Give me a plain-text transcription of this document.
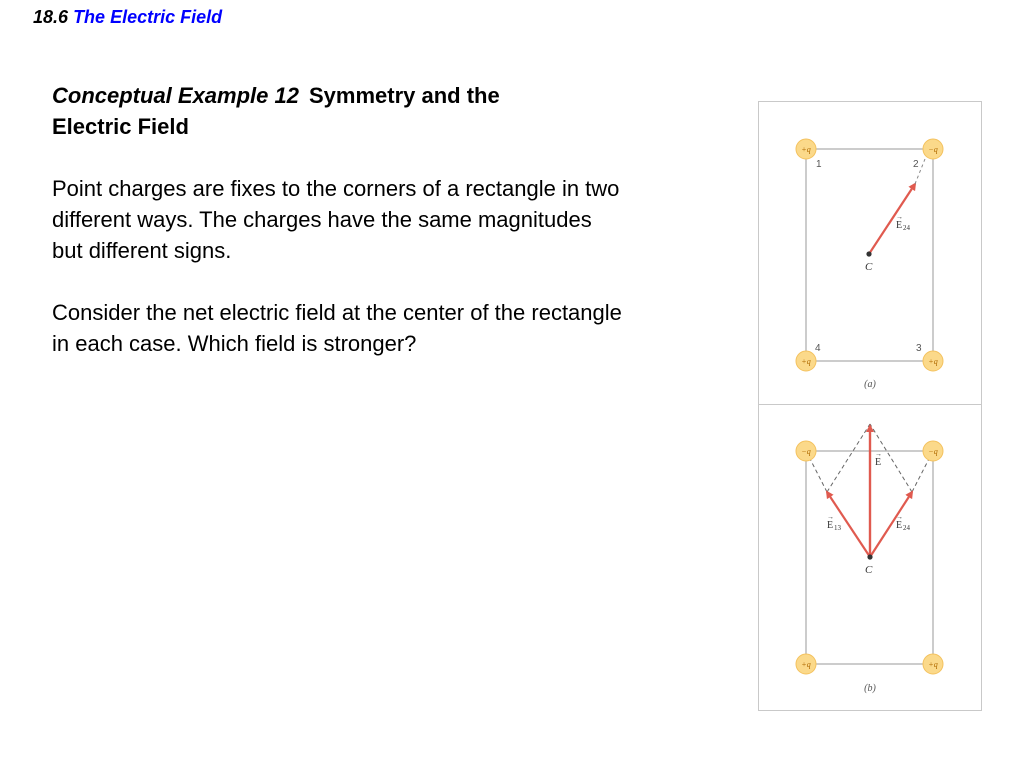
18.6 The Electric Field
Conceptual Example 12 Symmetry and the
Electric Field
Point charges are fixes to the corners of a rectangle in two
different ways. The charges have the same magnitudes
but different signs.
Consider the net electric field at the center of the rectangle
in each case. Which field is stronger?
C
E 24
→
1	2
3
4
+q	−q
+q
+q
(a)
C
E
→
E 13
→
E 24
→
−q	−q
+q
+q
(b)
